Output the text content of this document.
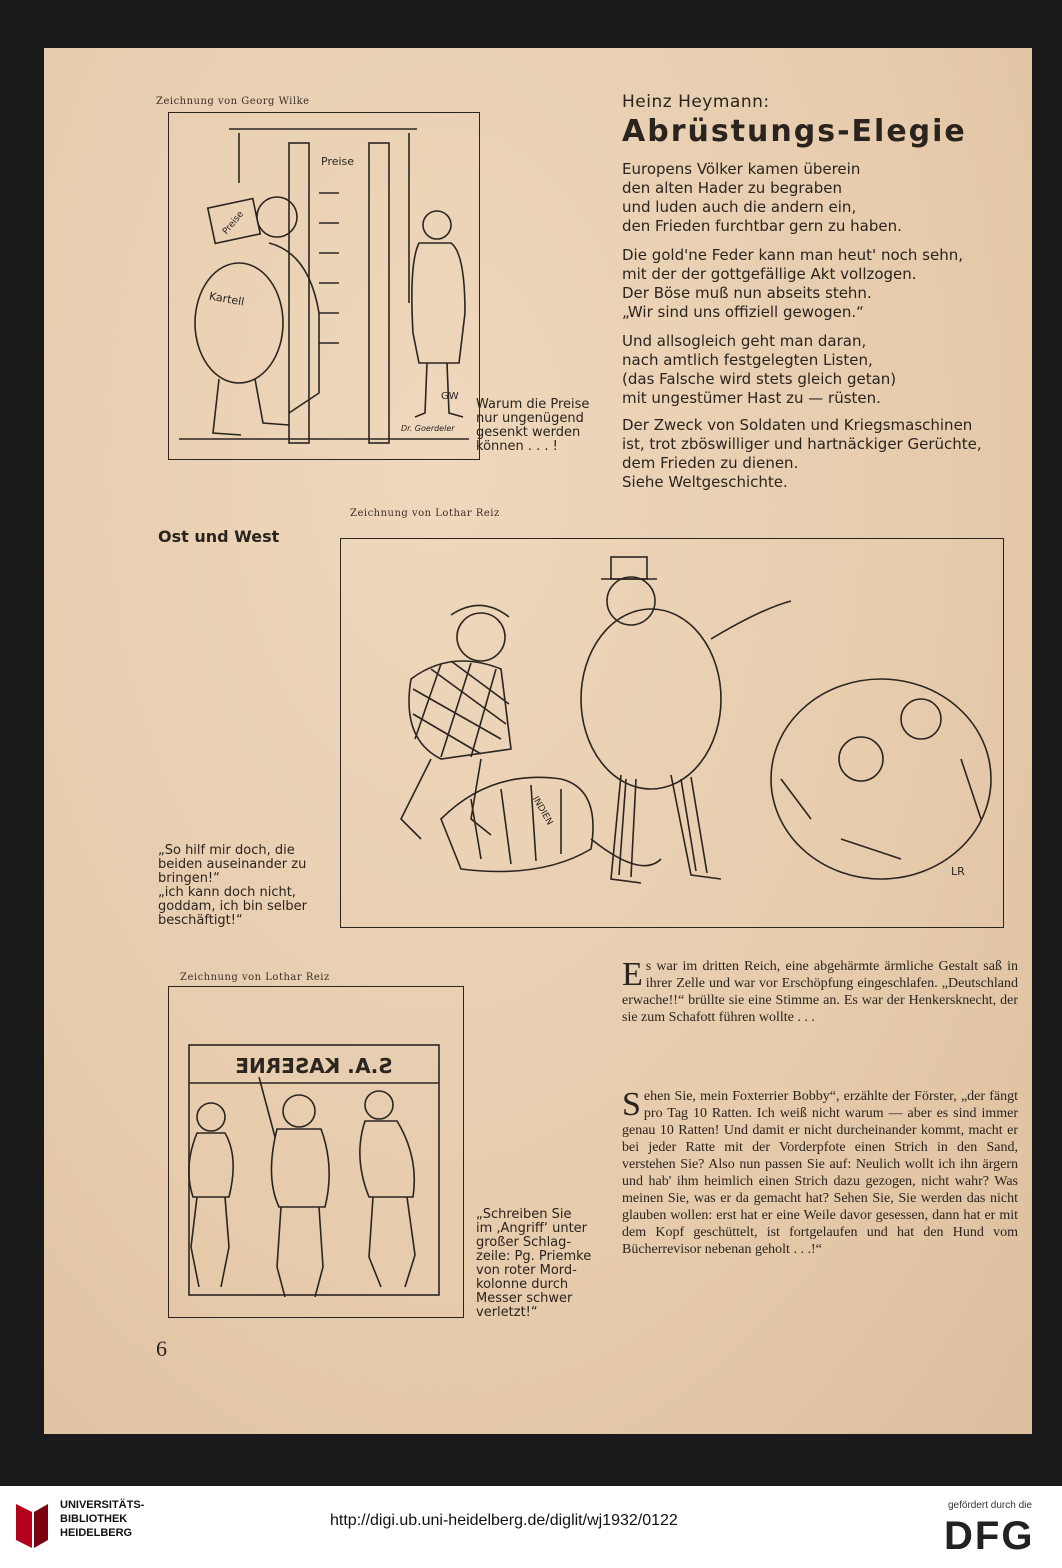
Zeichnung von Georg Wilke
Preise
Preise
Kartell
GW
Dr. Goerdeler
Warum die Preise
nur ungenügend
gesenkt werden
können . . . !
Heinz Heymann:
Abrüstungs-Elegie
Europens Völker kamen überein
den alten Hader zu begraben
und luden auch die andern ein,
den Frieden furchtbar gern zu haben.
Die gold'ne Feder kann man heut' noch sehn,
mit der der gottgefällige Akt vollzogen.
Der Böse muß nun abseits stehn.
„Wir sind uns offiziell gewogen.“
Und allsogleich geht man daran,
nach amtlich festgelegten Listen,
(das Falsche wird stets gleich getan)
mit ungestümer Hast zu — rüsten.
Der Zweck von Soldaten und Kriegsmaschinen
ist, trot zböswilliger und hartnäckiger Gerüchte,
dem Frieden zu dienen.
Siehe Weltgeschichte.
Zeichnung von Lothar Reiz
Ost und West
INDIEN
LR
„So hilf mir doch, die
beiden auseinander zu
bringen!“
„ich kann doch nicht,
goddam, ich bin selber
beschäftigt!“
Zeichnung von Lothar Reiz
S.A. KASERNE
„Schreiben Sie
im ‚Angriff‘ unter
großer Schlag-
zeile: Pg. Priemke
von roter Mord-
kolonne durch
Messer schwer
verletzt!“
Es war im dritten Reich, eine abgehärmte ärmliche Gestalt saß in ihrer Zelle und war vor Erschöpfung eingeschlafen. „Deutschland erwache!!“ brüllte sie eine Stimme an. Es war der Henkersknecht, der sie zum Schafott führen wollte . . .
Sehen Sie, mein Foxterrier Bobby“, erzählte der Förster, „der fängt pro Tag 10 Ratten. Ich weiß nicht warum — aber es sind immer genau 10 Ratten! Und damit er nicht durcheinander kommt, macht er bei jeder Ratte mit der Vorderpfote einen Strich in den Sand, verstehen Sie? Also nun passen Sie auf: Neulich wollt ich ihn ärgern und hab' ihm heimlich einen Strich dazu gezogen, nicht wahr? Was meinen Sie, was er da gemacht hat? Sehen Sie, Sie werden das nicht glauben wollen: erst hat er eine Weile davor gesessen, dann hat er mit dem Kopf geschüttelt, ist fortgelaufen und hat den Hund vom Bücherrevisor nebenan geholt . . .!“
6
UNIVERSITÄTS-
BIBLIOTHEK
HEIDELBERG
http://digi.ub.uni-heidelberg.de/diglit/wj1932/0122
gefördert durch die
DFG
